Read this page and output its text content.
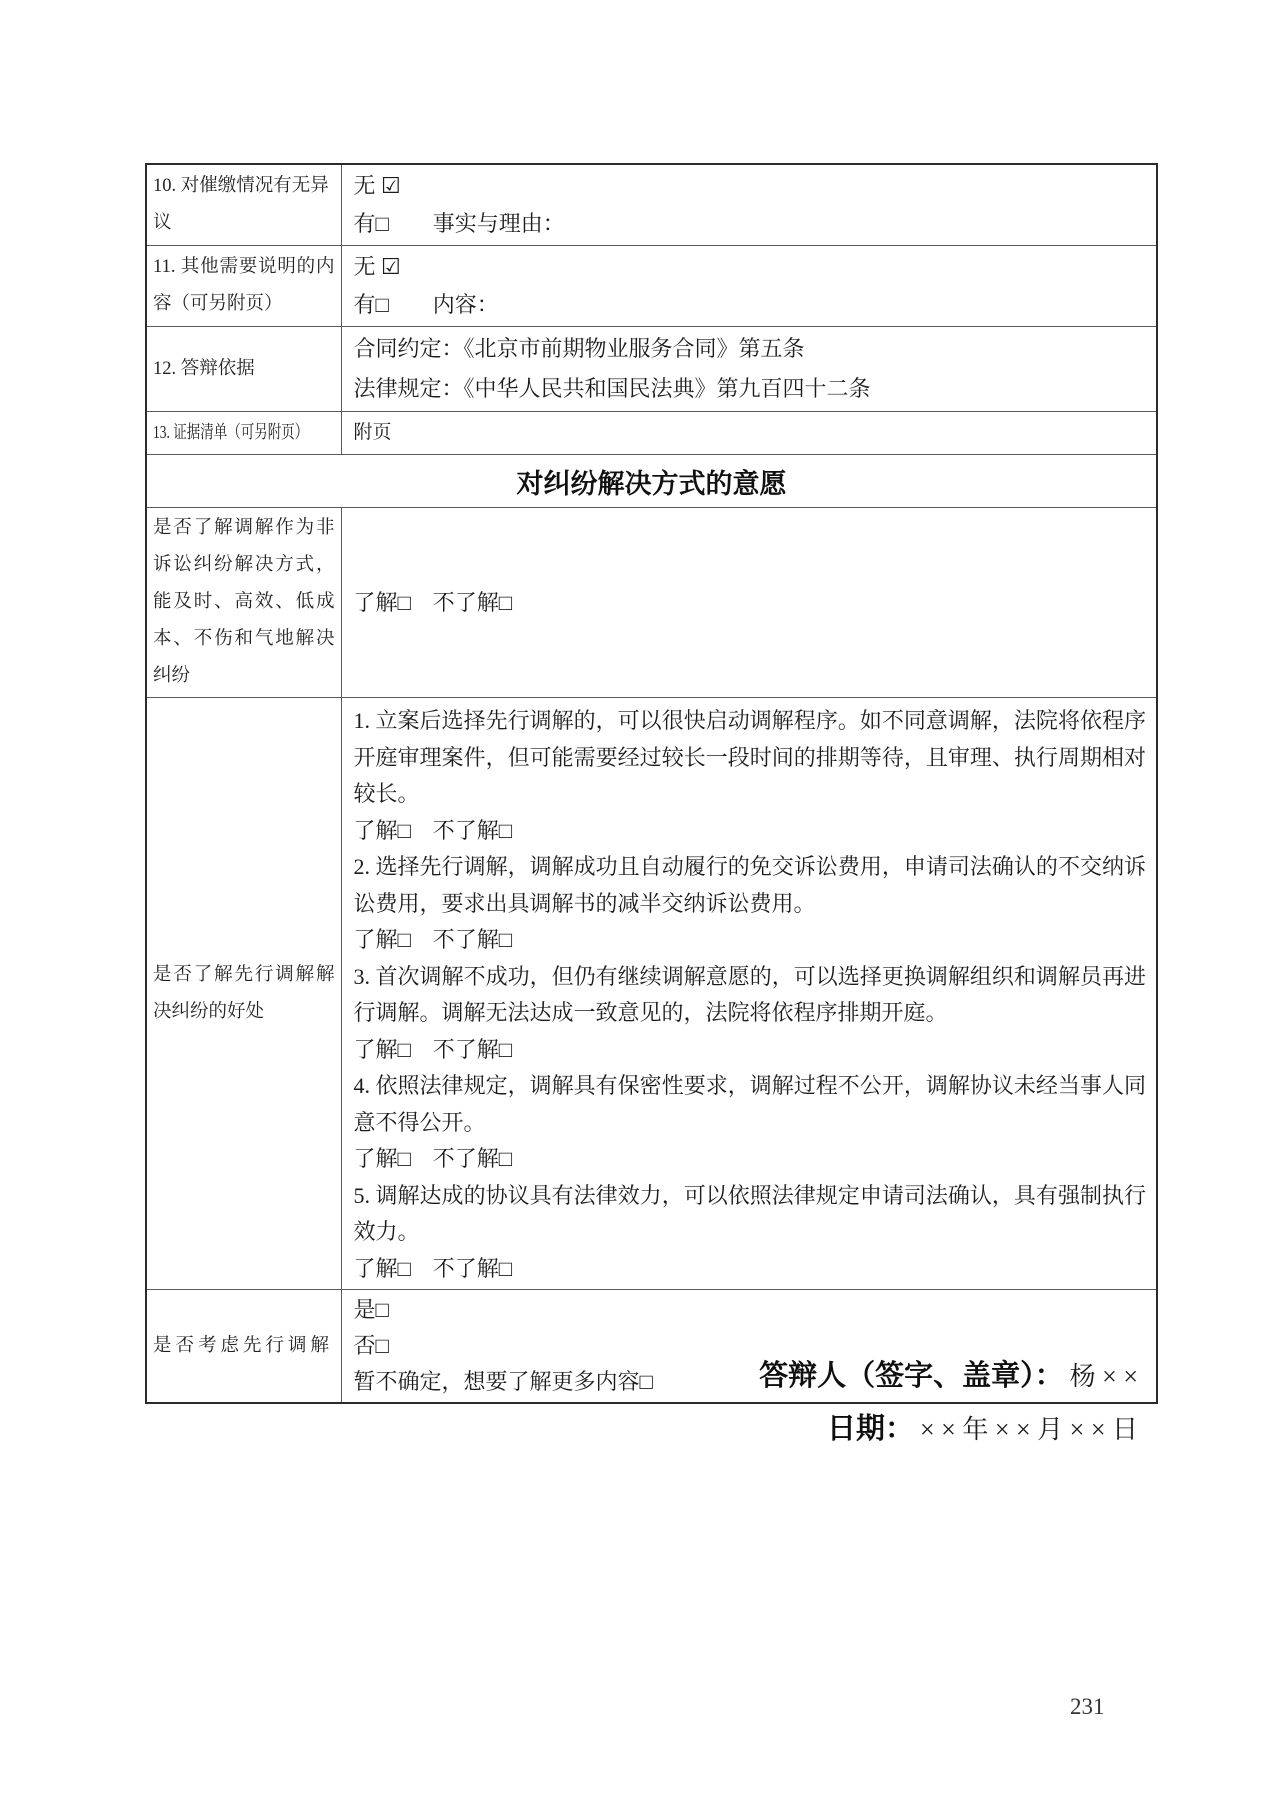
10. 对催缴情况有无异议	无 ☑
有□　　事实与理由：

11. 其他需要说明的内容（可另附页）	无 ☑
有□　　内容：

12. 答辩依据	合同约定：《北京市前期物业服务合同》第五条
法律规定：《中华人民共和国民法典》第九百四十二条

13. 证据清单（可另附页）	附页

对纠纷解决方式的意愿	

是否了解调解作为非诉讼纠纷解决方式，能及时、高效、低成本、不伤和气地解决纠纷	了解□　不了解□

是否了解先行调解解决纠纷的好处

1. 立案后选择先行调解的，可以很快启动调解程序。如不同意调解，法院将依程序开庭审理案件，但可能需要经过较长一段时间的排期等待，且审理、执行周期相对较长。
了解□　不了解□
2. 选择先行调解，调解成功且自动履行的免交诉讼费用，申请司法确认的不交纳诉讼费用，要求出具调解书的减半交纳诉讼费用。
了解□　不了解□
3. 首次调解不成功，但仍有继续调解意愿的，可以选择更换调解组织和调解员再进行调解。调解无法达成一致意见的，法院将依程序排期开庭。
了解□　不了解□
4. 依照法律规定，调解具有保密性要求，调解过程不公开，调解协议未经当事人同意不得公开。
了解□　不了解□
5. 调解达成的协议具有法律效力，可以依照法律规定申请司法确认，具有强制执行效力。
了解□　不了解□

是否考虑先行调解	是□
否□
暂不确定，想要了解更多内容□	答辩人（签字、盖章）： 杨 × ×
日期： × × 年 × × 月 × × 日
231
